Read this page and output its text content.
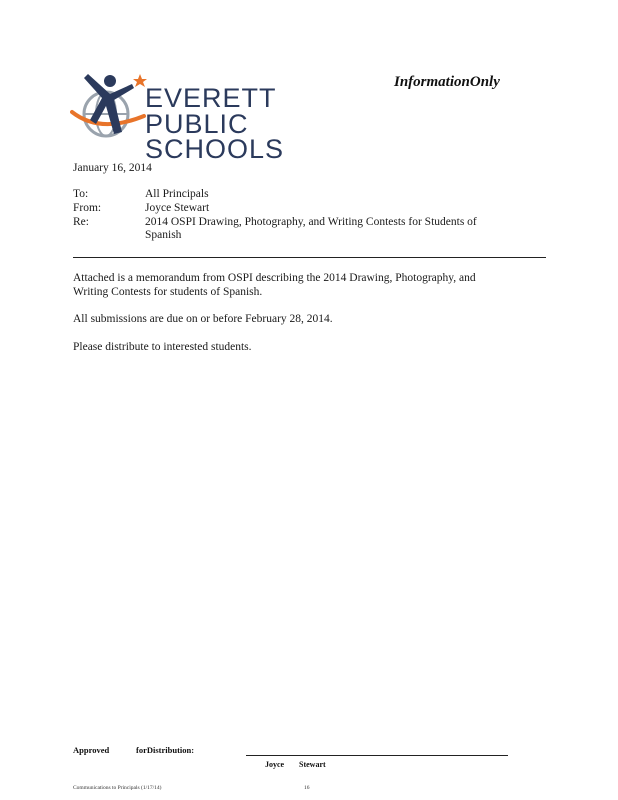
EVERETT
PUBLIC
SCHOOLS
InformationOnly
January 16, 2014
To:	All Principals
From:	Joyce Stewart
Re:	2014 OSPI Drawing, Photography, and Writing Contests for Students of
Spanish
Attached is a memorandum from OSPI describing the 2014 Drawing, Photography, and
Writing Contests for students of Spanish.
All submissions are due on or before February 28, 2014.
Please distribute to interested students.
Approved	forDistribution:
Joyce Stewart
Communications to Principals (1/17/14)	16
